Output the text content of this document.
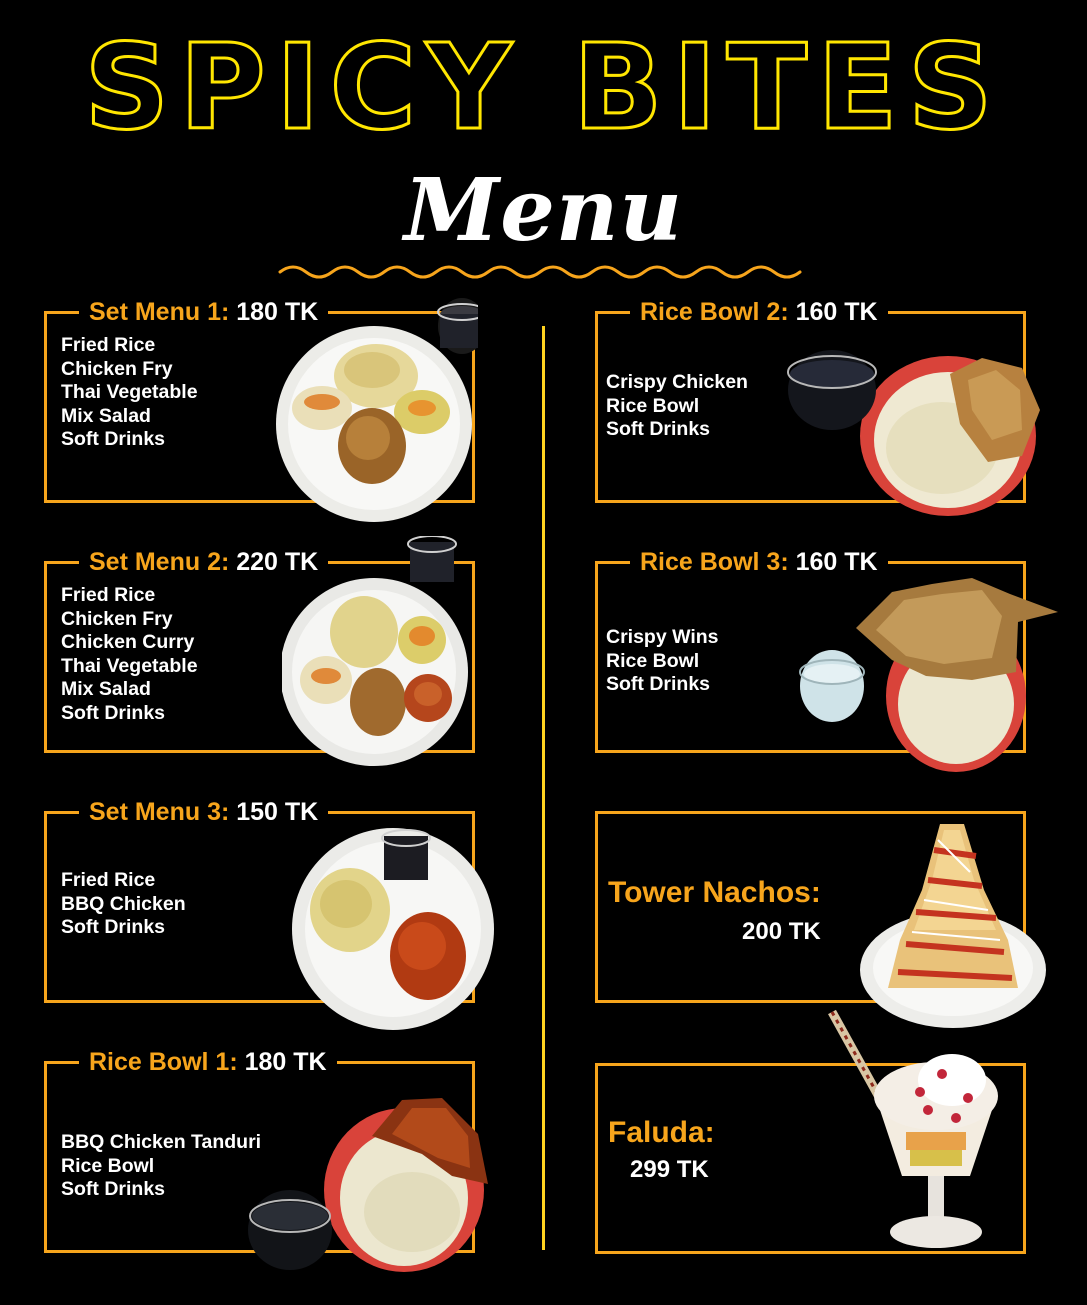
SPICY BITES
Menu
Set Menu 1: 180 TK
Fried Rice
Chicken Fry
Thai Vegetable
Mix Salad
Soft Drinks
Set Menu 2: 220 TK
Fried Rice
Chicken Fry
Chicken Curry
Thai Vegetable
Mix Salad
Soft Drinks
Set Menu 3: 150 TK
Fried Rice
BBQ Chicken
Soft Drinks
Rice Bowl 1: 180 TK
BBQ Chicken Tanduri
Rice Bowl
Soft Drinks
Rice Bowl 2: 160 TK
Crispy Chicken
Rice Bowl
Soft Drinks
Rice Bowl 3: 160 TK
Crispy Wins
Rice Bowl
Soft Drinks
Tower Nachos:
200 TK
Faluda:
299 TK
